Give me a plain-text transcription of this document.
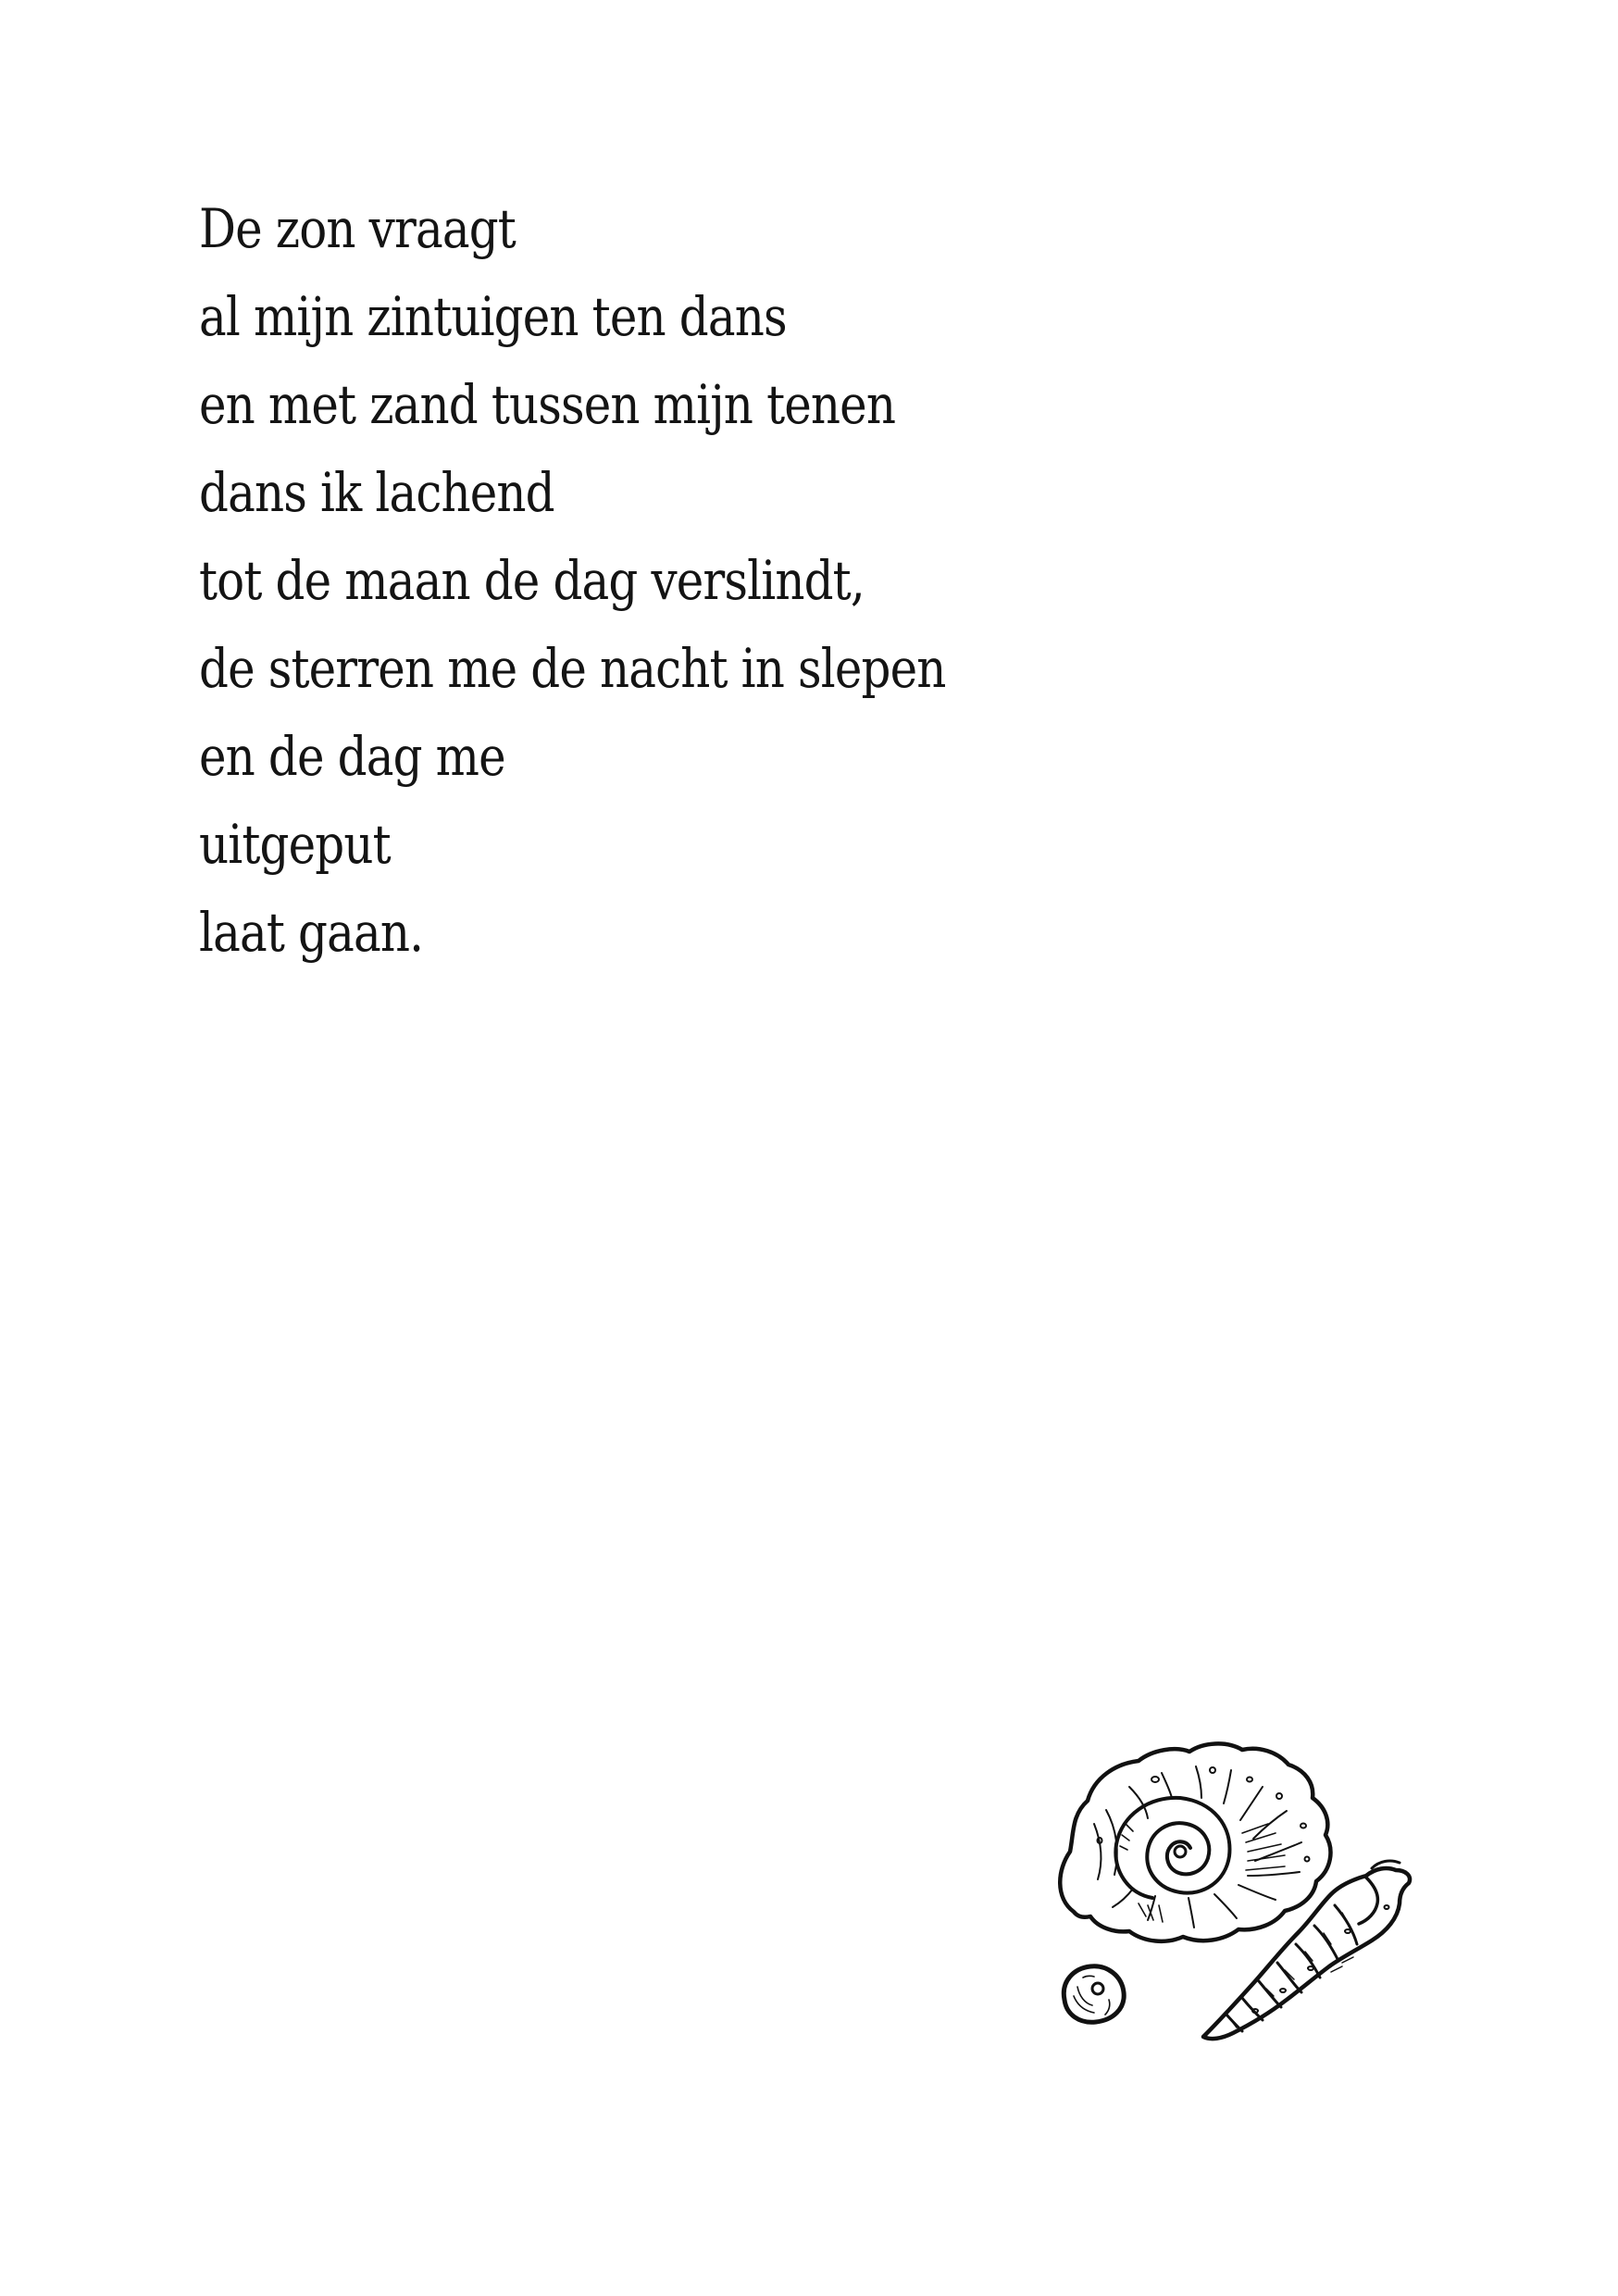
De zon vraagt
al mijn zintuigen ten dans
en met zand tussen mijn tenen
dans ik lachend
tot de maan de dag verslindt,
de sterren me de nacht in slepen
en de dag me
uitgeput
laat gaan.
